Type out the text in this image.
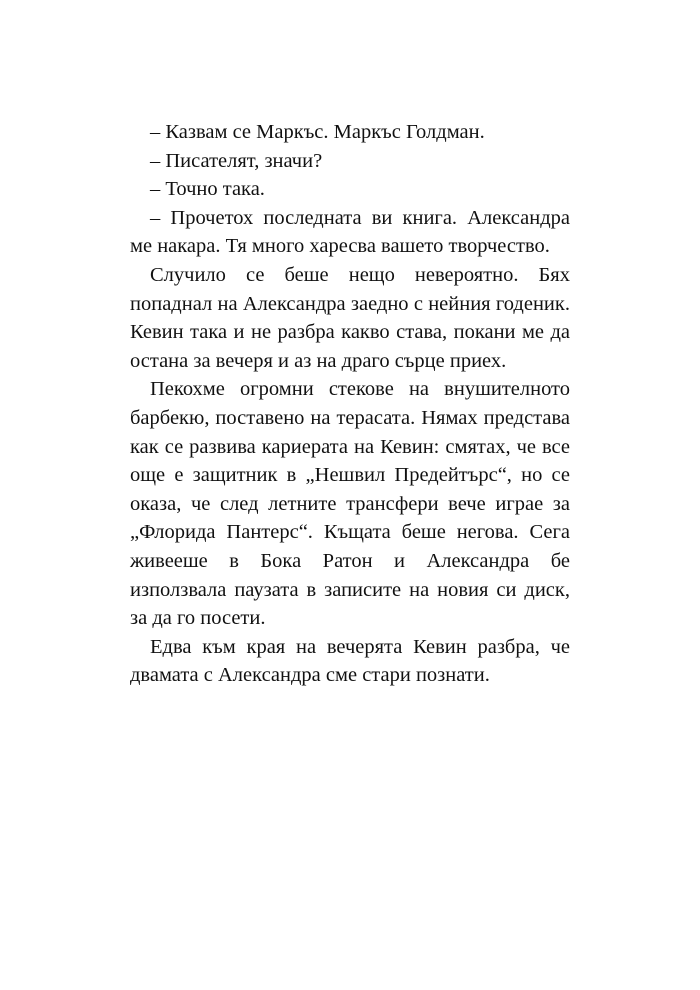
– Казвам се Маркъс. Маркъс Голдман.

– Писателят, значи?

– Точно така.

– Прочетох последната ви книга. Александра ме накара. Тя много харесва вашето творчество.

Случило се беше нещо невероятно. Бях попаднал на Александра заедно с нейния годеник. Кевин така и не разбра какво става, покани ме да остана за вечеря и аз на драго сърце приех.

Пекохме огромни стекове на внушителното барбекю, поставено на терасата. Нямах представа как се развива кариерата на Кевин: смятах, че все още е защитник в „Нешвил Предейтърс“, но се оказа, че след летните трансфери вече играе за „Флорида Пантерс“. Къщата беше негова. Сега живееше в Бока Ратон и Александра бе използвала паузата в записите на новия си диск, за да го посети.

Едва към края на вечерята Кевин разбра, че двамата с Александра сме стари познати.
